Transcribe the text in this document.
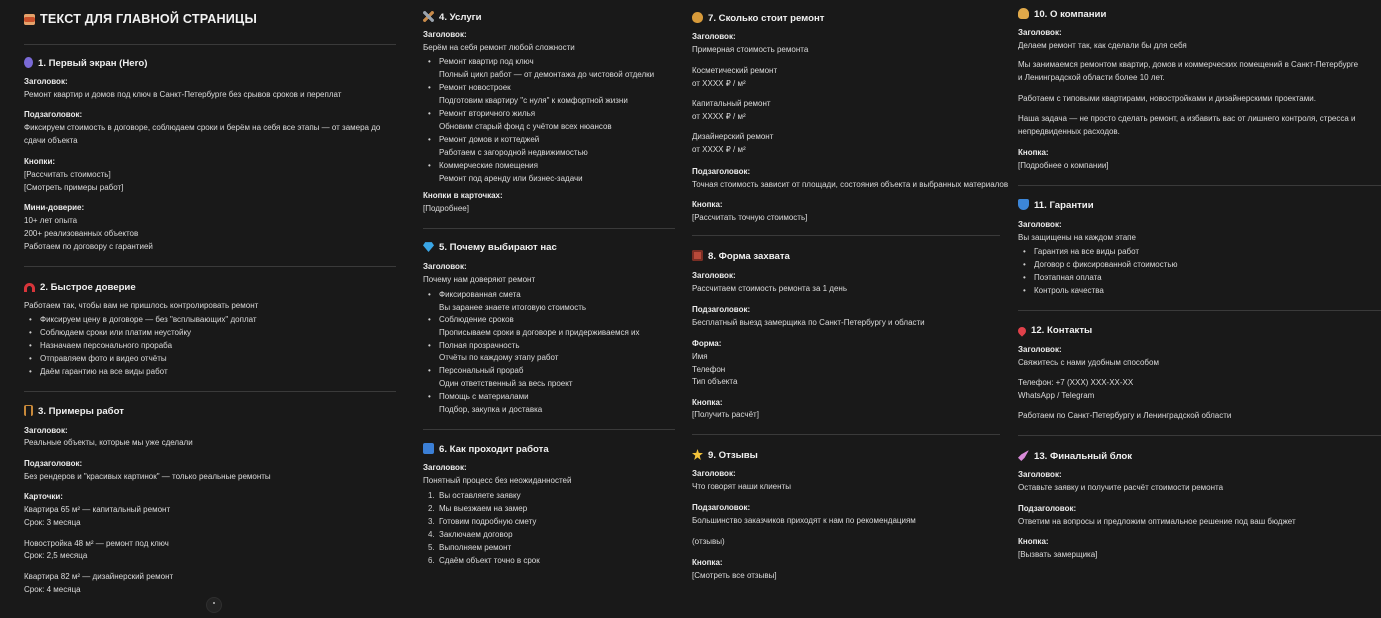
ТЕКСТ ДЛЯ ГЛАВНОЙ СТРАНИЦЫ
1. Первый экран (Hero)
Заголовок:
Ремонт квартир и домов под ключ в Санкт-Петербурге без срывов сроков и переплат
Подзаголовок:
Фиксируем стоимость в договоре, соблюдаем сроки и берём на себя все этапы — от замера до сдачи объекта
Кнопки:
[Рассчитать стоимость]
[Смотреть примеры работ]
Мини-доверие:
10+ лет опыта
200+ реализованных объектов
Работаем по договору с гарантией
2. Быстрое доверие
Работаем так, чтобы вам не пришлось контролировать ремонт
• Фиксируем цену в договоре — без "всплывающих" доплат
• Соблюдаем сроки или платим неустойку
• Назначаем персонального прораба
• Отправляем фото и видео отчёты
• Даём гарантию на все виды работ
3. Примеры работ
Заголовок:
Реальные объекты, которые мы уже сделали
Подзаголовок:
Без рендеров и "красивых картинок" — только реальные ремонты
Карточки:
Квартира 65 м² — капитальный ремонт
Срок: 3 месяца
Новостройка 48 м² — ремонт под ключ
Срок: 2,5 месяца
Квартира 82 м² — дизайнерский ремонт
Срок: 4 месяца
4. Услуги
Заголовок:
Берём на себя ремонт любой сложности
• Ремонт квартир под ключ
Полный цикл работ — от демонтажа до чистовой отделки
• Ремонт новостроек
Подготовим квартиру "с нуля" к комфортной жизни
• Ремонт вторичного жилья
Обновим старый фонд с учётом всех нюансов
• Ремонт домов и коттеджей
Работаем с загородной недвижимостью
• Коммерческие помещения
Ремонт под аренду или бизнес-задачи
Кнопки в карточках:
[Подробнее]
5. Почему выбирают нас
Заголовок:
Почему нам доверяют ремонт
• Фиксированная смета
Вы заранее знаете итоговую стоимость
• Соблюдение сроков
Прописываем сроки в договоре и придерживаемся их
• Полная прозрачность
Отчёты по каждому этапу работ
• Персональный прораб
Один ответственный за весь проект
• Помощь с материалами
Подбор, закупка и доставка
6. Как проходит работа
Заголовок:
Понятный процесс без неожиданностей
1. Вы оставляете заявку
2. Мы выезжаем на замер
3. Готовим подробную смету
4. Заключаем договор
5. Выполняем ремонт
6. Сдаём объект точно в срок
7. Сколько стоит ремонт
Заголовок:
Примерная стоимость ремонта
Косметический ремонт
от XXXX ₽ / м²
Капитальный ремонт
от XXXX ₽ / м²
Дизайнерский ремонт
от XXXX ₽ / м²
Подзаголовок:
Точная стоимость зависит от площади, состояния объекта и выбранных материалов
Кнопка:
[Рассчитать точную стоимость]
8. Форма захвата
Заголовок:
Рассчитаем стоимость ремонта за 1 день
Подзаголовок:
Бесплатный выезд замерщика по Санкт-Петербургу и области
Форма:
Имя
Телефон
Тип объекта
Кнопка:
[Получить расчёт]
9. Отзывы
Заголовок:
Что говорят наши клиенты
Подзаголовок:
Большинство заказчиков приходят к нам по рекомендациям
(отзывы)
Кнопка:
[Смотреть все отзывы]
10. О компании
Заголовок:
Делаем ремонт так, как сделали бы для себя
Мы занимаемся ремонтом квартир, домов и коммерческих помещений в Санкт-Петербурге и Ленинградской области более 10 лет.
Работаем с типовыми квартирами, новостройками и дизайнерскими проектами.
Наша задача — не просто сделать ремонт, а избавить вас от лишнего контроля, стресса и непредвиденных расходов.
Кнопка:
[Подробнее о компании]
11. Гарантии
Заголовок:
Вы защищены на каждом этапе
• Гарантия на все виды работ
• Договор с фиксированной стоимостью
• Поэтапная оплата
• Контроль качества
12. Контакты
Заголовок:
Свяжитесь с нами удобным способом
Телефон: +7 (XXX) XXX-XX-XX
WhatsApp / Telegram
Работаем по Санкт-Петербургу и Ленинградской области
13. Финальный блок
Заголовок:
Оставьте заявку и получите расчёт стоимости ремонта
Подзаголовок:
Ответим на вопросы и предложим оптимальное решение под ваш бюджет
Кнопка:
[Вызвать замерщика]
